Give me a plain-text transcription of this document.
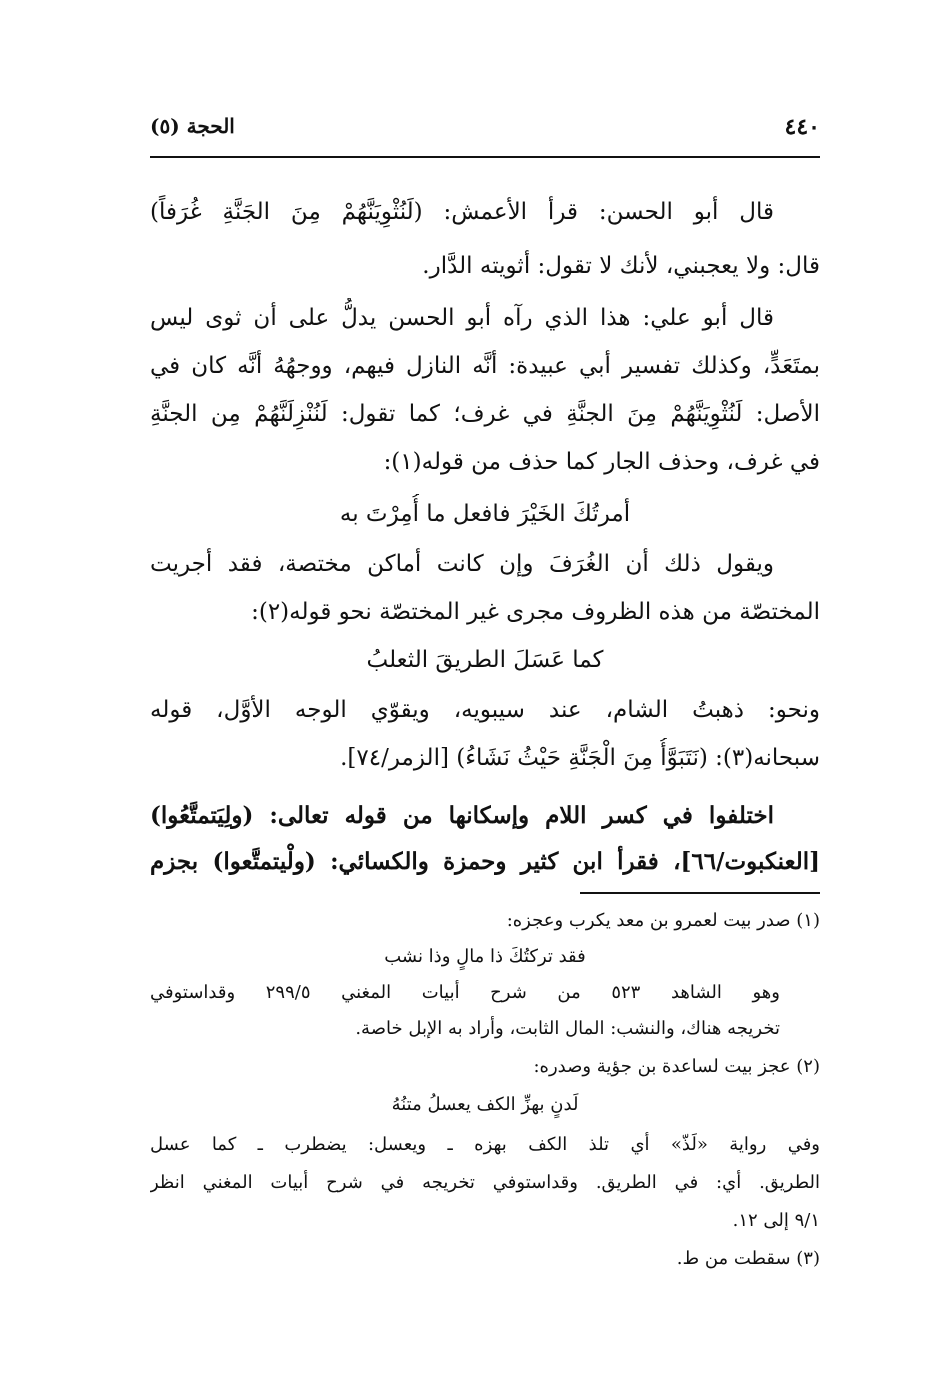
٤٤٠
الحجة (٥)
قال أبو الحسن: قرأ الأعمش: (لَنُثْوِيَنَّهُمْ مِنَ الجَنَّةِ غُرَفاً)
قال: ولا يعجبني، لأنك لا تقول: أثويته الدَّار.
قال أبو علي: هذا الذي رآه أبو الحسن يدلُّ على أن ثوى ليس
بمتَعَدٍّ، وكذلك تفسير أبي عبيدة: أنَّه النازل فيهم، ووجهُهُ أنَّه كان في
الأصل: لَنُثْوِيَنَّهُمْ مِنَ الجنَّةِ في غرف؛ كما تقول: لَنُنْزِلَنَّهُمْ مِن الجنَّةِ
في غرف، وحذف الجار كما حذف من قوله(١):
أمرتُكَ الخَيْرَ فافعل ما أُمِرْتَ به
ويقول ذلك أن الغُرَفَ وإن كانت أماكن مختصة، فقد أجريت
المختصّة من هذه الظروف مجرى غير المختصّة نحو قوله(٢):
كما عَسَلَ الطريقَ الثعلبُ
ونحو: ذهبتُ الشام، عند سيبويه، ويقوّي الوجه الأوَّل، قوله
سبحانه(٣): (نَتَبَوَّأُ مِنَ الْجَنَّةِ حَيْثُ نَشَاءُ) [الزمر/٧٤].
اختلفوا في كسر اللام وإسكانها من قوله تعالى: (ولِيَتمتَّعُوا)
[العنكبوت/٦٦]، فقرأ ابن كثير وحمزة والكسائي: (ولْيتمتَّعوا) بجزم
(١) صدر بيت لعمرو بن معد يكرب وعجزه:
فقد تركتُكَ ذا مالٍ وذا نشب
وهو الشاهد ٥٢٣ من شرح أبيات المغني ٢٩٩/٥ وقداستوفي
تخريجه هناك، والنشب: المال الثابت، وأراد به الإبل خاصة.
(٢) عجز بيت لساعدة بن جؤية وصدره:
لَدنٍ بهزِّ الكف يعسلُ متنُهُ
وفي رواية «لَذّ» أي تلذ الكف بهزه ـ ويعسل: يضطرب ـ كما عسل
الطريق. أي: في الطريق. وقداستوفي تخريجه في شرح أبيات المغني انظر
٩/١ إلى ١٢.
(٣) سقطت من ط.
